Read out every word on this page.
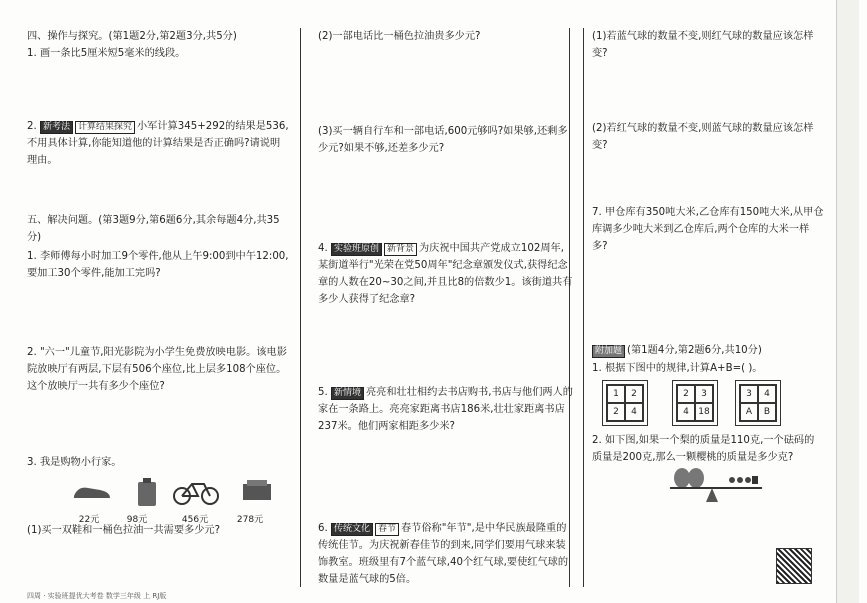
四、操作与探究。(第1题2分,第2题3分,共5分)
1. 画一条比5厘米短5毫米的线段。
2. 新考法 计算结果探究 小军计算345+292的结果是536,不用具体计算,你能知道他的计算结果是否正确吗?请说明理由。
五、解决问题。(第3题9分,第6题6分,其余每题4分,共35分)
1. 李师傅每小时加工9个零件,他从上午9:00到中午12:00,要加工30个零件,能加工完吗?
2. "六一"儿童节,阳光影院为小学生免费放映电影。该电影院放映厅有两层,下层有506个座位,比上层多108个座位。这个放映厅一共有多少个座位?
3. 我是购物小行家。
(1)买一双鞋和一桶色拉油一共需要多少元?
22元	98元	456元	278元
(2)一部电话比一桶色拉油贵多少元?
(3)买一辆自行车和一部电话,600元够吗?如果够,还剩多少元?如果不够,还差多少元?
4. 实验班原创 新背景 为庆祝中国共产党成立102周年,某街道举行"光荣在党50周年"纪念章颁发仪式,获得纪念章的人数在20~30之间,并且比8的倍数少1。该街道共有多少人获得了纪念章?
5. 新情境 亮亮和壮壮相约去书店购书,书店与他们两人的家在一条路上。亮亮家距离书店186米,壮壮家距离书店237米。他们两家相距多少米?
6. 传统文化 春节 春节俗称"年节",是中华民族最隆重的传统佳节。为庆祝新春佳节的到来,同学们要用气球来装饰教室。班级里有7个蓝气球,40个红气球,要使红气球的数量是蓝气球的5倍。
(1)若蓝气球的数量不变,则红气球的数量应该怎样变?
(2)若红气球的数量不变,则蓝气球的数量应该怎样变?
7. 甲仓库有350吨大米,乙仓库有150吨大米,从甲仓库调多少吨大米到乙仓库后,两个仓库的大米一样多?
附加题 (第1题4分,第2题6分,共10分)
1. 根据下图中的规律,计算A+B=( )。
2. 如下图,如果一个梨的质量是110克,一个砝码的质量是200克,那么一颗樱桃的质量是多少克?
1	2
2	4
2	3
4	18
3	4
A	B
四周 · 实验班提优大考卷 数学三年级 上 RJ版
